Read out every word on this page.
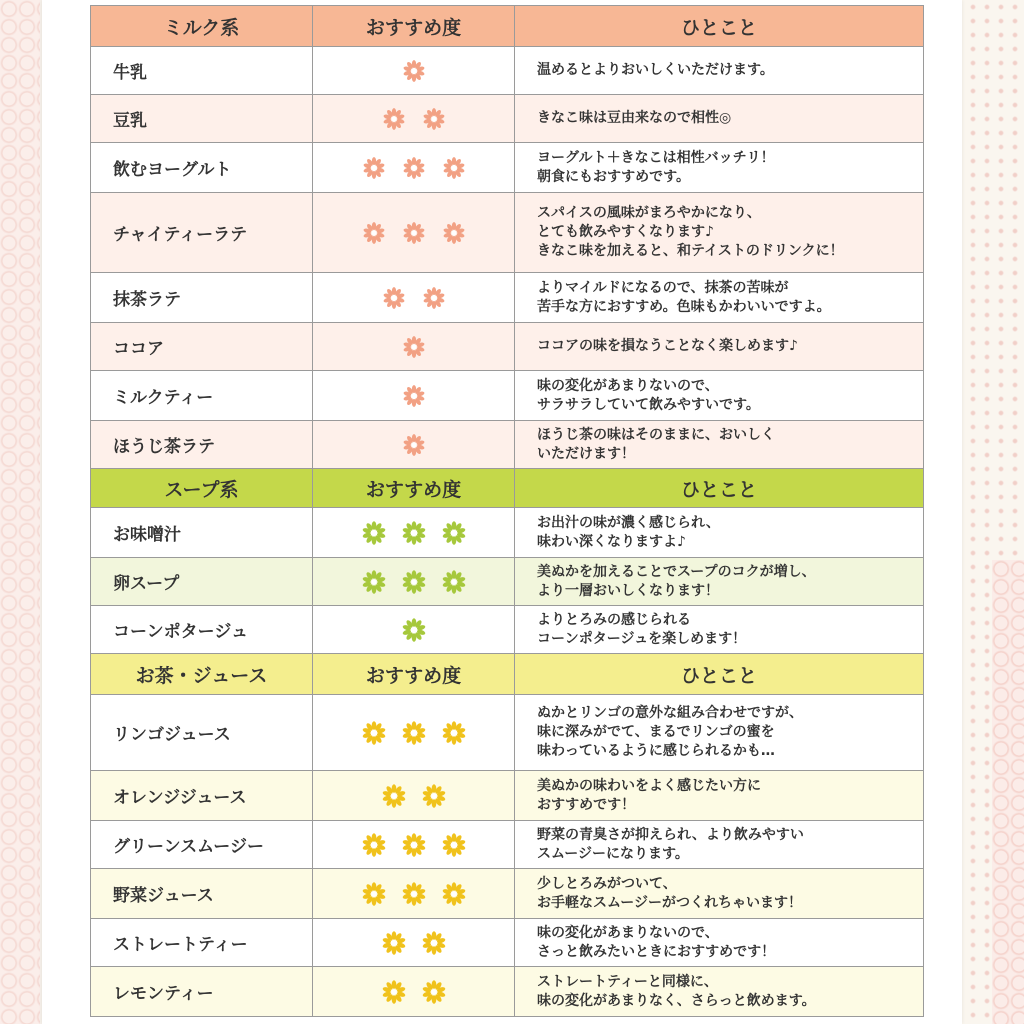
ミルク系	おすすめ度	ひとこと
牛乳		温めるとよりおいしくいただけます。
豆乳		きなこ味は豆由来なので相性◎
飲むヨーグルト		ヨーグルト＋きなこは相性バッチリ！
朝食にもおすすめです。
チャイティーラテ		スパイスの風味がまろやかになり、
とても飲みやすくなります♪
きなこ味を加えると、和テイストのドリンクに！
抹茶ラテ		よりマイルドになるので、抹茶の苦味が
苦手な方におすすめ。色味もかわいいですよ。
ココア		ココアの味を損なうことなく楽しめます♪
ミルクティー		味の変化があまりないので、
サラサラしていて飲みやすいです。
ほうじ茶ラテ		ほうじ茶の味はそのままに、おいしく
いただけます！
スープ系	おすすめ度	ひとこと
お味噌汁		お出汁の味が濃く感じられ、
味わい深くなりますよ♪
卵スープ		美ぬかを加えることでスープのコクが増し、
より一層おいしくなります！
コーンポタージュ		よりとろみの感じられる
コーンポタージュを楽しめます！
お茶・ジュース	おすすめ度	ひとこと
リンゴジュース		ぬかとリンゴの意外な組み合わせですが、
味に深みがでて、まるでリンゴの蜜を
味わっているように感じられるかも…
オレンジジュース		美ぬかの味わいをよく感じたい方に
おすすめです！
グリーンスムージー		野菜の青臭さが抑えられ、より飲みやすい
スムージーになります。
野菜ジュース		少しとろみがついて、
お手軽なスムージーがつくれちゃいます！
ストレートティー		味の変化があまりないので、
さっと飲みたいときにおすすめです！
レモンティー		ストレートティーと同様に、
味の変化があまりなく、さらっと飲めます。
